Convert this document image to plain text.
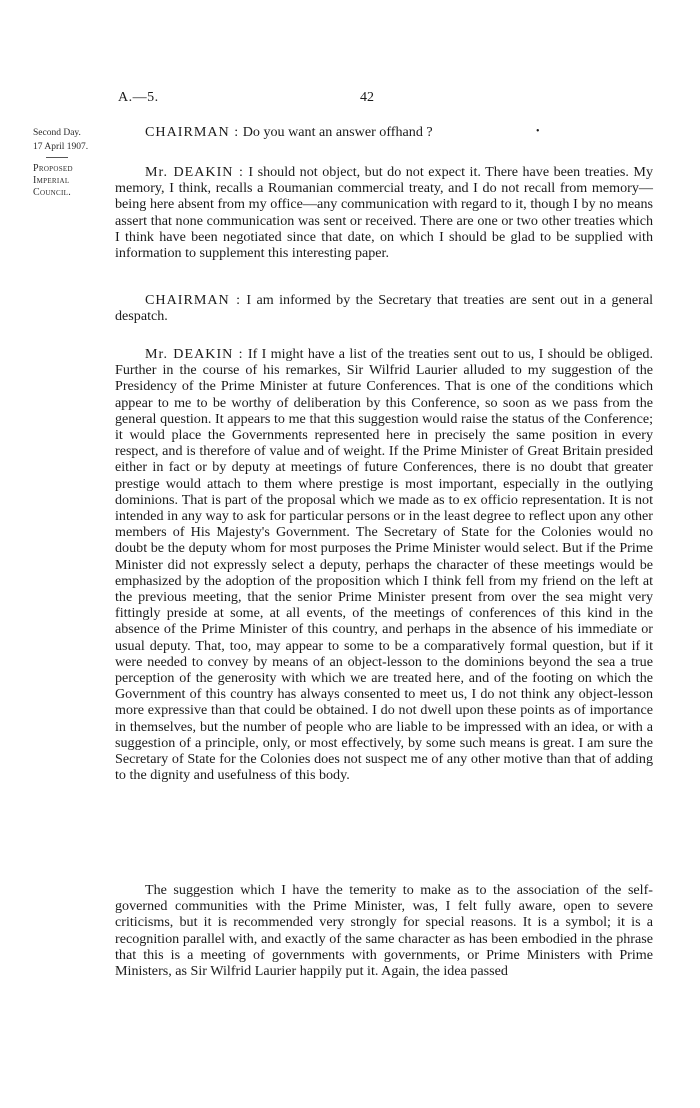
A.—5.	42
Second Day.
17 April 1907.
Proposed
Imperial
Council.
•

CHAIRMAN : Do you want an answer offhand ?

Mr. DEAKIN : I should not object, but do not expect it. There have been treaties. My memory, I think, recalls a Roumanian commercial treaty, and I do not recall from memory—being here absent from my office—any communication with regard to it, though I by no means assert that none communication was sent or received. There are one or two other treaties which I think have been negotiated since that date, on which I should be glad to be supplied with information to supplement this interesting paper.

CHAIRMAN : I am informed by the Secretary that treaties are sent out in a general despatch.

Mr. DEAKIN : If I might have a list of the treaties sent out to us, I should be obliged. Further in the course of his remarkes, Sir Wilfrid Laurier alluded to my suggestion of the Presidency of the Prime Minister at future Conferences. That is one of the conditions which appear to me to be worthy of deliberation by this Conference, so soon as we pass from the general question. It appears to me that this suggestion would raise the status of the Conference; it would place the Governments represented here in precisely the same position in every respect, and is therefore of value and of weight. If the Prime Minister of Great Britain presided either in fact or by deputy at meetings of future Conferences, there is no doubt that greater prestige would attach to them where prestige is most important, especially in the outlying dominions. That is part of the proposal which we made as to ex officio representation. It is not intended in any way to ask for particular persons or in the least degree to reflect upon any other members of His Majesty's Government. The Secretary of State for the Colonies would no doubt be the deputy whom for most purposes the Prime Minister would select. But if the Prime Minister did not expressly select a deputy, perhaps the character of these meetings would be emphasized by the adoption of the proposition which I think fell from my friend on the left at the previous meeting, that the senior Prime Minister present from over the sea might very fittingly preside at some, at all events, of the meetings of conferences of this kind in the absence of the Prime Minister of this country, and perhaps in the absence of his immediate or usual deputy. That, too, may appear to some to be a comparatively formal question, but if it were needed to convey by means of an object-lesson to the dominions beyond the sea a true perception of the generosity with which we are treated here, and of the footing on which the Government of this country has always consented to meet us, I do not think any object-lesson more expressive than that could be obtained. I do not dwell upon these points as of importance in themselves, but the number of people who are liable to be impressed with an idea, or with a suggestion of a principle, only, or most effectively, by some such means is great. I am sure the Secretary of State for the Colonies does not suspect me of any other motive than that of adding to the dignity and usefulness of this body.

The suggestion which I have the temerity to make as to the association of the self-governed communities with the Prime Minister, was, I felt fully aware, open to severe criticisms, but it is recommended very strongly for special reasons. It is a symbol; it is a recognition parallel with, and exactly of the same character as has been embodied in the phrase that this is a meeting of governments with governments, or Prime Ministers with Prime Ministers, as Sir Wilfrid Laurier happily put it. Again, the idea passed
